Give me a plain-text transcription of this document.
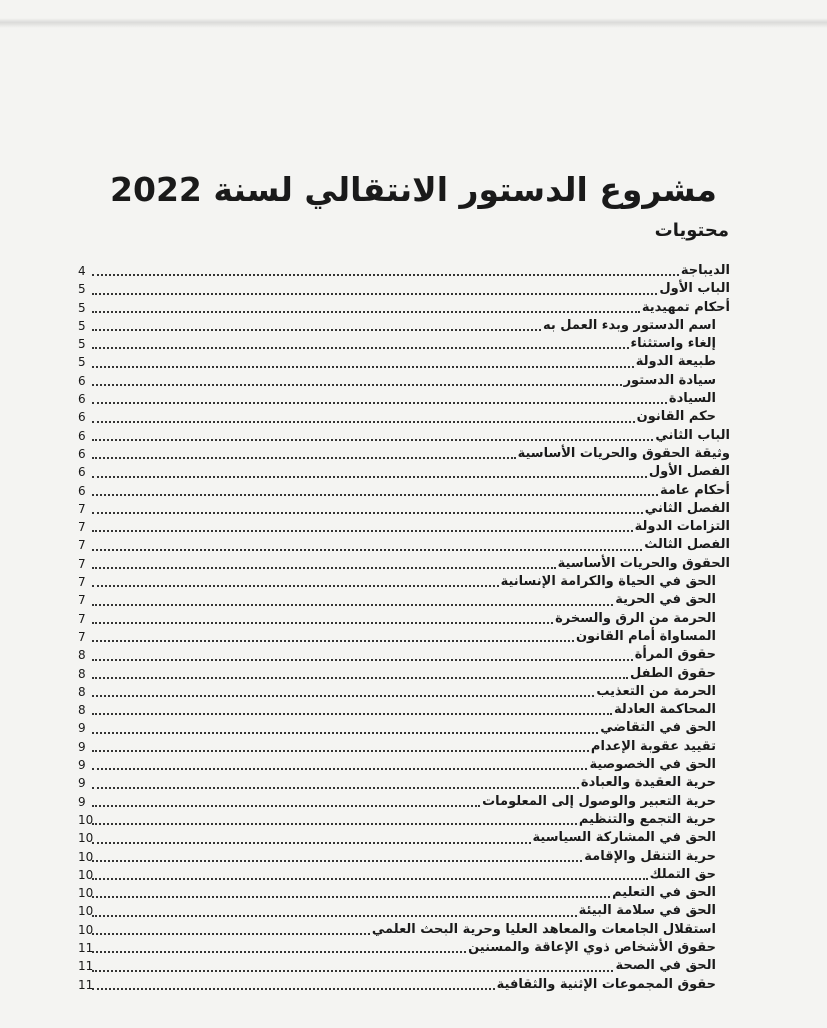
مشروع الدستور الانتقالي لسنة 2022
محتويات
الديباجة
4
الباب الأول
5
أحكام تمهيدية
5
اسم الدستور وبدء العمل به
5
إلغاء واستثناء
5
طبيعة الدولة
5
سيادة الدستور
6
السيادة
6
حكم القانون
6
الباب الثاني
6
وثيقة الحقوق والحريات الأساسية
6
الفصل الأول
6
أحكام عامة
6
الفصل الثاني
7
التزامات الدولة
7
الفصل الثالث
7
الحقوق والحريات الأساسية
7
الحق في الحياة والكرامة الإنسانية
7
الحق في الحرية
7
الحرمة من الرق والسخرة
7
المساواة أمام القانون
7
حقوق المرأة
8
حقوق الطفل
8
الحرمة من التعذيب
8
المحاكمة العادلة
8
الحق في التقاضي
9
تقييد عقوبة الإعدام
9
الحق في الخصوصية
9
حرية العقيدة والعبادة
9
حرية التعبير والوصول إلى المعلومات
9
حرية التجمع والتنظيم
10
الحق في المشاركة السياسية
10
حرية التنقل والإقامة
10
حق التملك
10
الحق في التعليم
10
الحق في سلامة البيئة
10
استقلال الجامعات والمعاهد العليا وحرية البحث العلمي
10
حقوق الأشخاص ذوي الإعاقة والمسنين
11
الحق في الصحة
11
حقوق المجموعات الإثنية والثقافية
11
